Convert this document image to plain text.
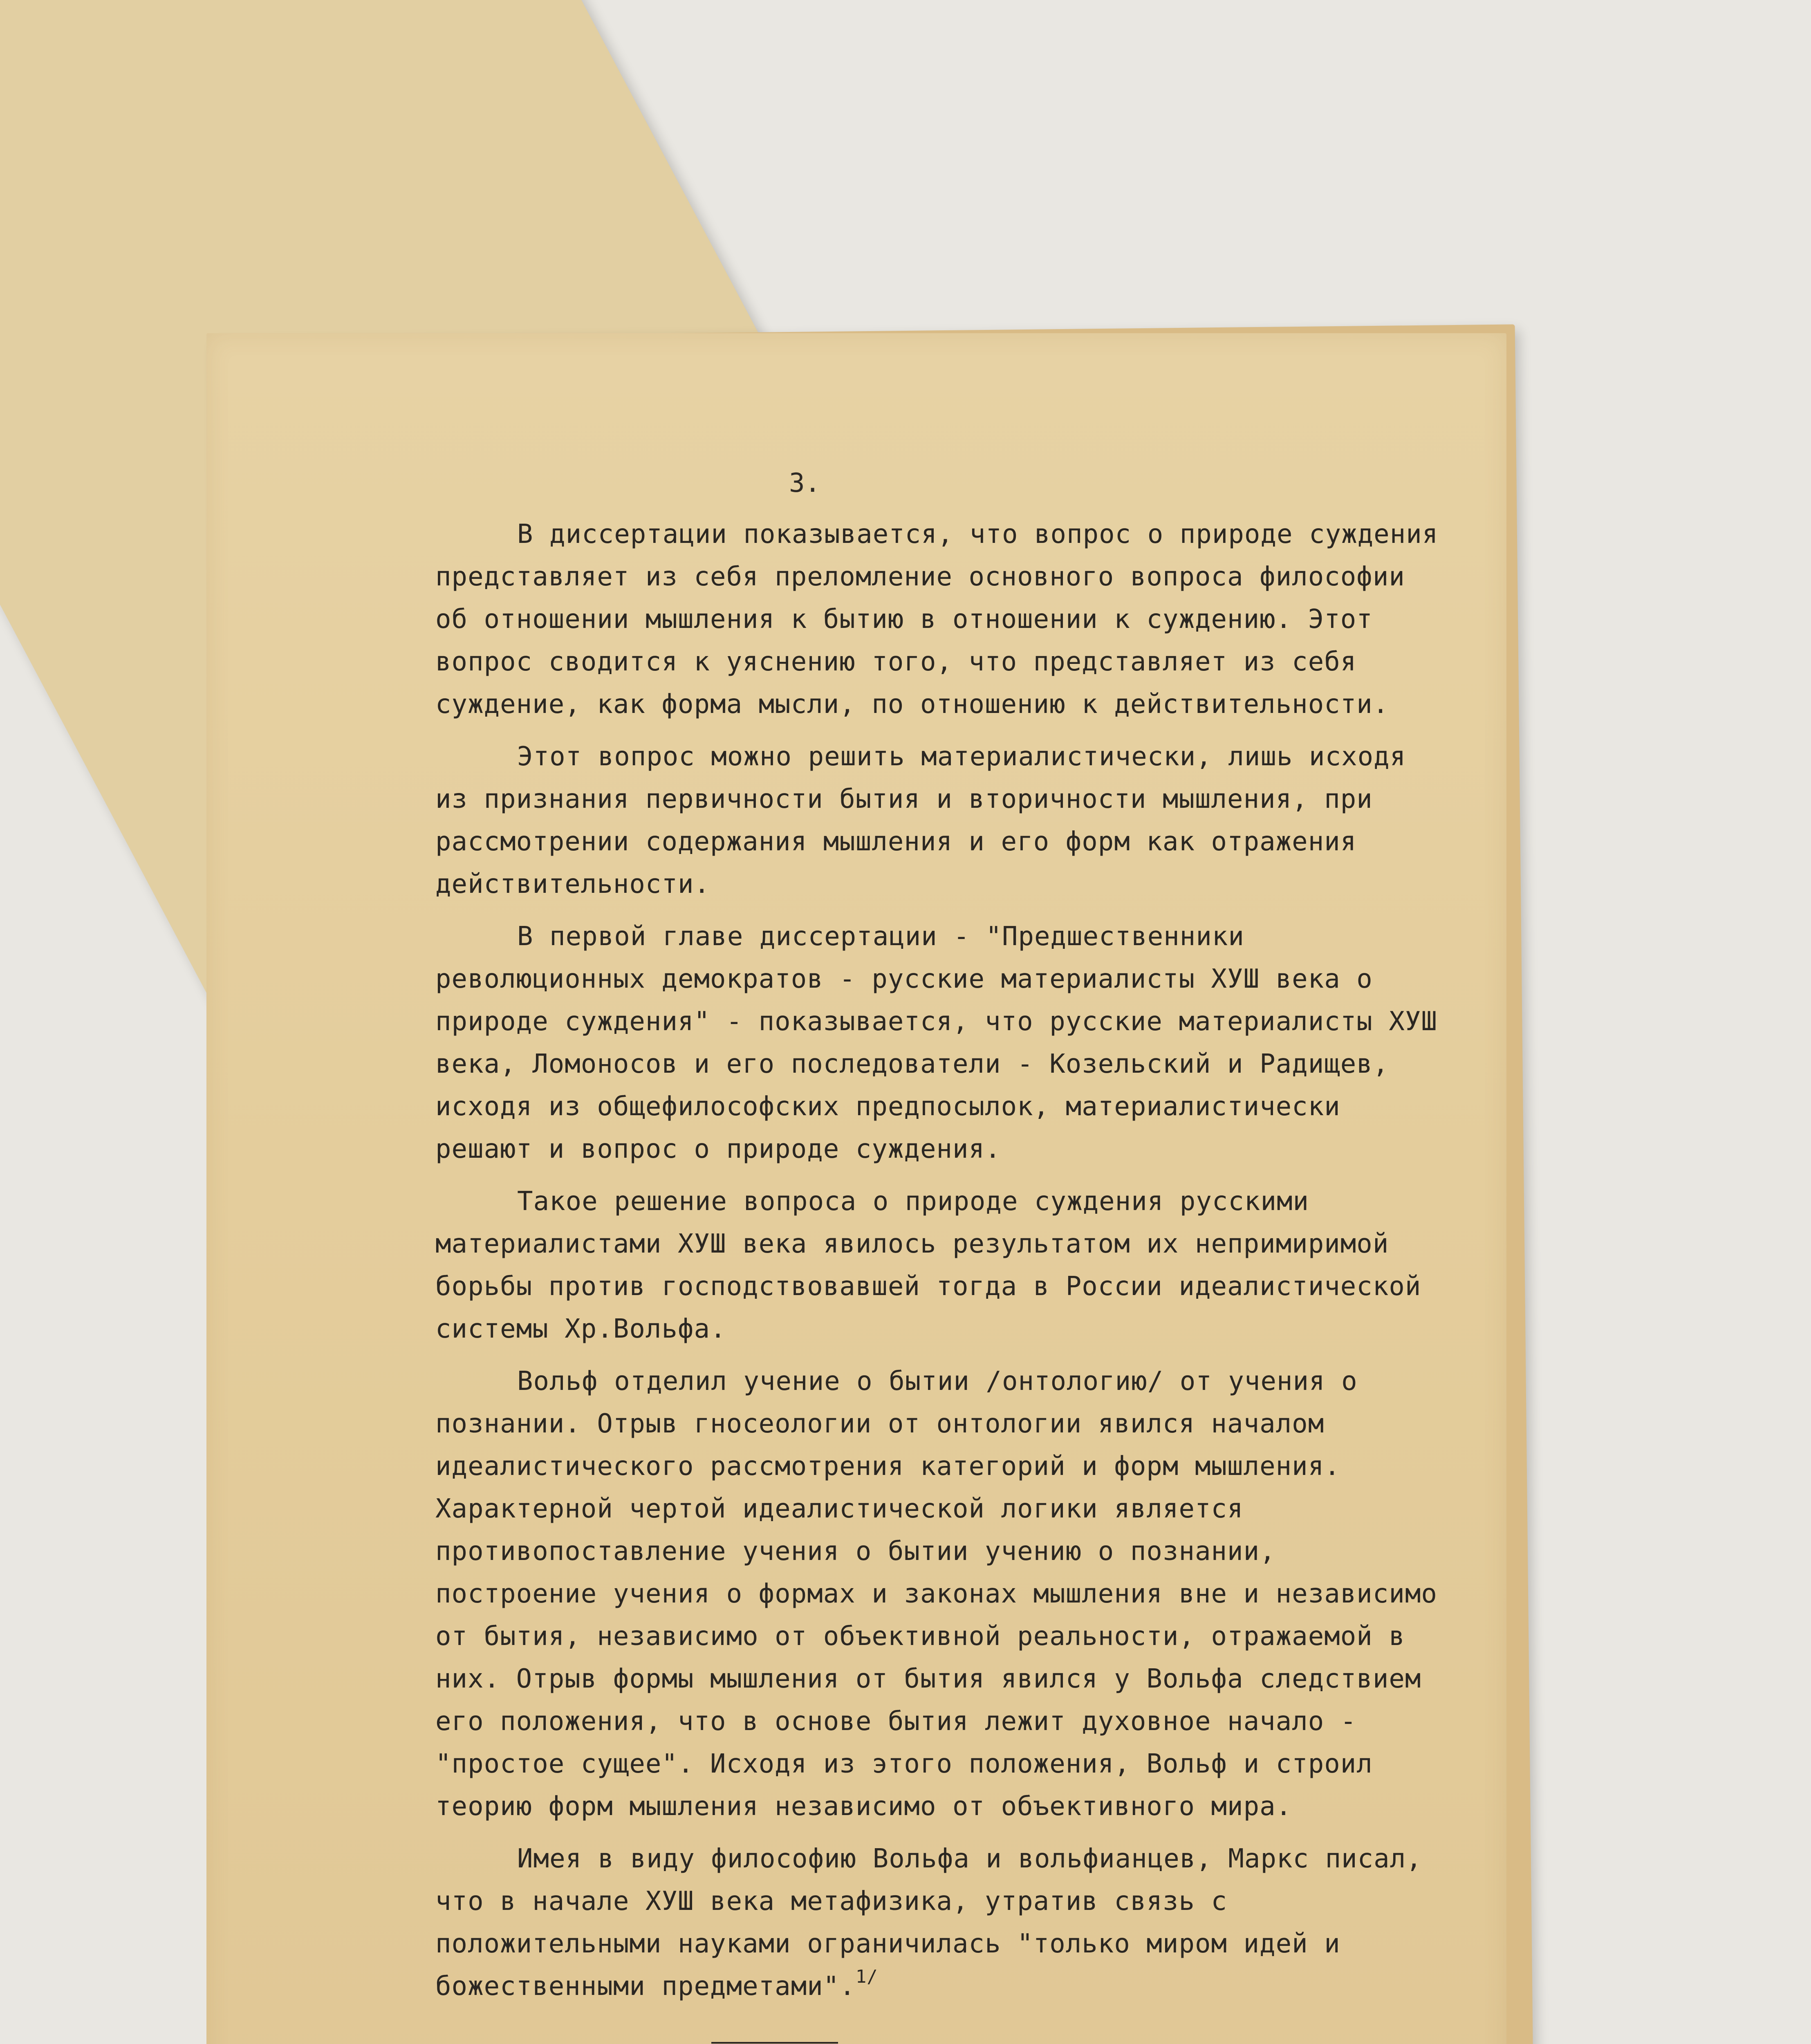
3.

В диссертации показывается, что вопрос о природе суждения представляет из себя преломление основного вопроса философии об отношении мышления к бытию в отношении к суждению. Этот вопрос сводится к уяснению того, что представляет из себя суждение, как форма мысли, по отношению к действительности.

Этот вопрос можно решить материалистически, лишь исходя из признания первичности бытия и вторичности мышления, при рассмотрении содержания мышления и его форм как отражения действительности.

В первой главе диссертации - "Предшественники революционных демократов - русские материалисты ХУШ века о природе суждения" - показывается, что русские материалисты ХУШ века, Ломоносов и его последователи - Козельский и Радищев, исходя из общефилософских предпосылок, материалистически решают и вопрос о природе суждения.

Такое решение вопроса о природе суждения русскими материалистами ХУШ века явилось результатом их непримиримой борьбы против господствовавшей тогда в России идеалистической системы Хр.Вольфа.

Вольф отделил учение о бытии /онтологию/ от учения о познании. Отрыв гносеологии от онтологии явился началом идеалистического рассмотрения категорий и форм мышления. Характерной чертой идеалистической логики является противопоставление учения о бытии учению о познании, построение учения о формах и законах мышления вне и независимо от бытия, независимо от объективной реальности, отражаемой в них. Отрыв формы мышления от бытия явился у Вольфа следствием его положения, что в основе бытия лежит духовное начало - "простое сущее". Исходя из этого положения, Вольф и строил теорию форм мышления независимо от объективного мира.

Имея в виду философию Вольфа и вольфианцев, Маркс писал, что в начале ХУШ века метафизика, утратив связь с положительными науками ограничилась "только миром идей и божественными предметами".$^{1/}$
